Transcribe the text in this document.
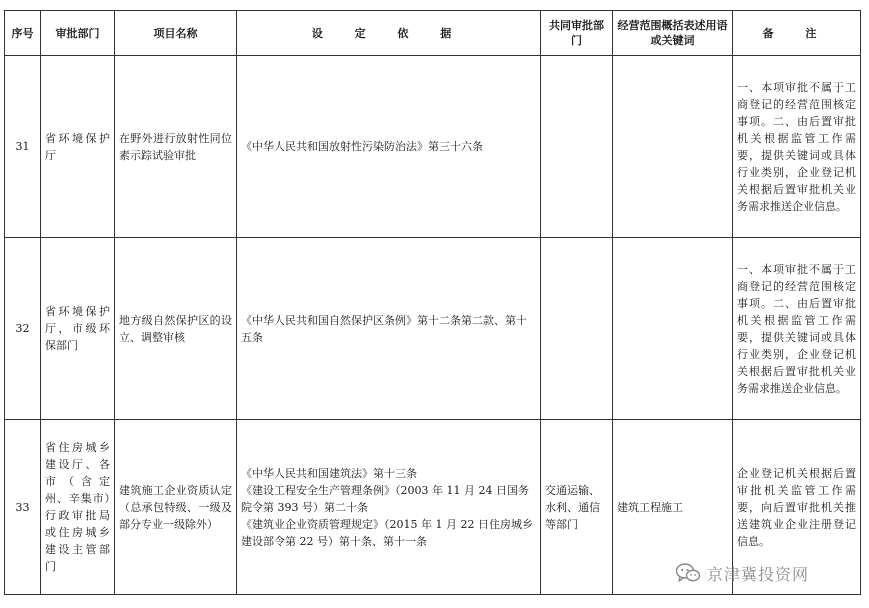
序号	审批部门	项目名称	设 定 依 据	共同审批部门	经营范围概括表述用语或关键词	备 注
31	省环境保护厅	在野外进行放射性同位素示踪试验审批	《中华人民共和国放射性污染防治法》第三十六条			一、本项审批不属于工商登记的经营范围核定事项。二、由后置审批机关根据监管工作需要，提供关键词或具体行业类别，企业登记机关根据后置审批机关业务需求推送企业信息。
32	省环境保护厅，市级环保部门	地方级自然保护区的设立、调整审核	《中华人民共和国自然保护区条例》第十二条第二款、第十五条			一、本项审批不属于工商登记的经营范围核定事项。二、由后置审批机关根据监管工作需要，提供关键词或具体行业类别，企业登记机关根据后置审批机关业务需求推送企业信息。
33	省住房城乡建设厅、各市（含定州、辛集市）行政审批局或住房城乡建设主管部门	建筑施工企业资质认定（总承包特级、一级及部分专业一级除外）	《中华人民共和国建筑法》第十三条
《建设工程安全生产管理条例》（2003 年 11 月 24 日国务院令第 393 号）第二十条
《建筑业企业资质管理规定》（2015 年 1 月 22 日住房城乡建设部令第 22 号）第十条、第十一条	交通运输、水利、通信等部门	建筑工程施工	企业登记机关根据后置审批机关监管工作需要，向后置审批机关推送建筑业企业注册登记信息。
京津冀投资网
